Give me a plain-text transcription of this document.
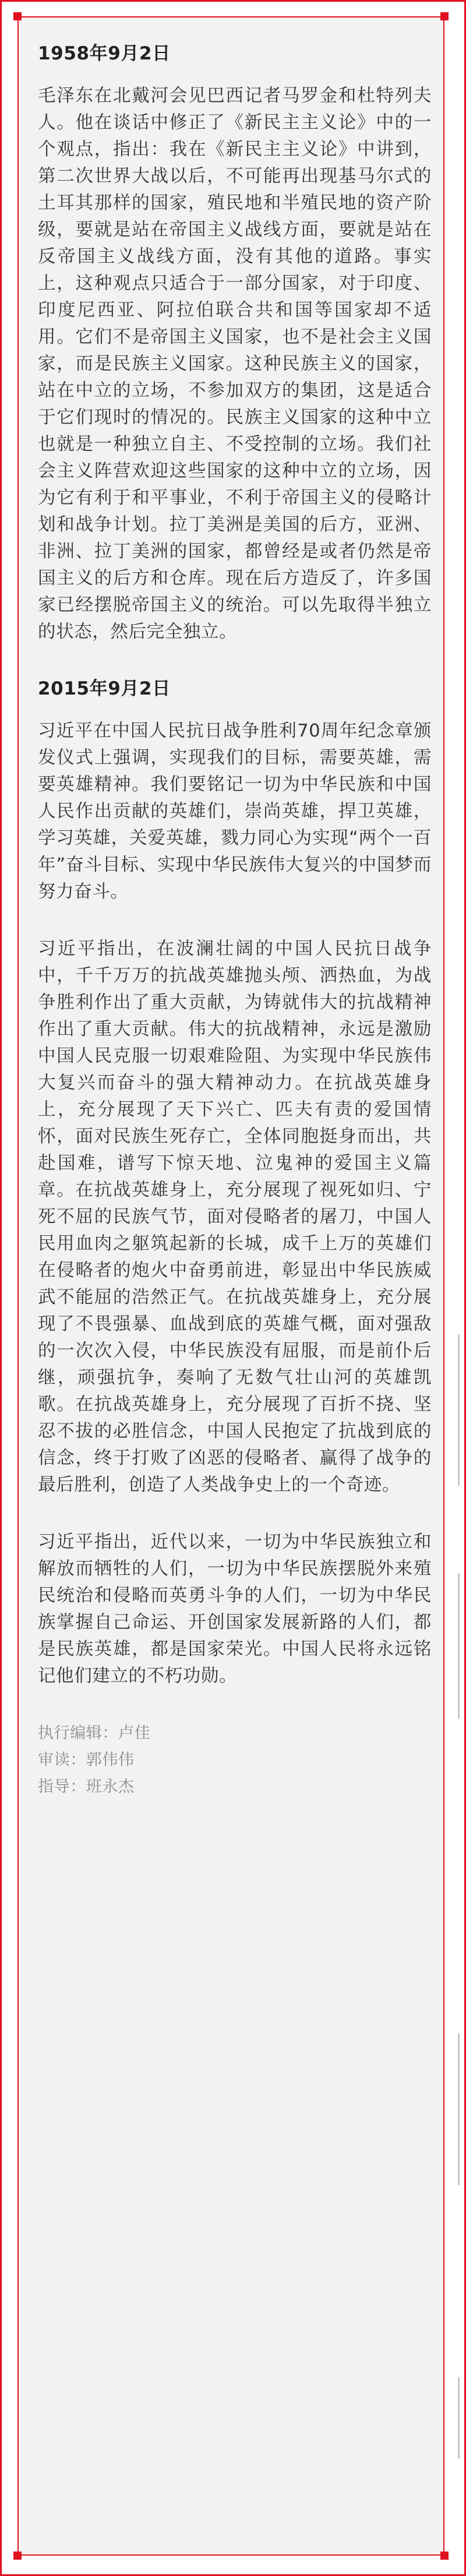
1958年9月2日
毛泽东在北戴河会见巴西记者马罗金和杜特列夫人。他在谈话中修正了《新民主主义论》中的一个观点，指出：我在《新民主主义论》中讲到，第二次世界大战以后，不可能再出现基马尔式的土耳其那样的国家，殖民地和半殖民地的资产阶级，要就是站在帝国主义战线方面，要就是站在反帝国主义战线方面，没有其他的道路。事实上，这种观点只适合于一部分国家，对于印度、印度尼西亚、阿拉伯联合共和国等国家却不适用。它们不是帝国主义国家，也不是社会主义国家，而是民族主义国家。这种民族主义的国家，站在中立的立场，不参加双方的集团，这是适合于它们现时的情况的。民族主义国家的这种中立也就是一种独立自主、不受控制的立场。我们社会主义阵营欢迎这些国家的这种中立的立场，因为它有利于和平事业，不利于帝国主义的侵略计划和战争计划。拉丁美洲是美国的后方，亚洲、非洲、拉丁美洲的国家，都曾经是或者仍然是帝国主义的后方和仓库。现在后方造反了，许多国家已经摆脱帝国主义的统治。可以先取得半独立的状态，然后完全独立。
2015年9月2日
习近平在中国人民抗日战争胜利70周年纪念章颁发仪式上强调，实现我们的目标，需要英雄，需要英雄精神。我们要铭记一切为中华民族和中国人民作出贡献的英雄们，崇尚英雄，捍卫英雄，学习英雄，关爱英雄，戮力同心为实现“两个一百年”奋斗目标、实现中华民族伟大复兴的中国梦而努力奋斗。
习近平指出，在波澜壮阔的中国人民抗日战争中，千千万万的抗战英雄抛头颅、洒热血，为战争胜利作出了重大贡献，为铸就伟大的抗战精神作出了重大贡献。伟大的抗战精神，永远是激励中国人民克服一切艰难险阻、为实现中华民族伟大复兴而奋斗的强大精神动力。在抗战英雄身上，充分展现了天下兴亡、匹夫有责的爱国情怀，面对民族生死存亡，全体同胞挺身而出，共赴国难，谱写下惊天地、泣鬼神的爱国主义篇章。在抗战英雄身上，充分展现了视死如归、宁死不屈的民族气节，面对侵略者的屠刀，中国人民用血肉之躯筑起新的长城，成千上万的英雄们在侵略者的炮火中奋勇前进，彰显出中华民族威武不能屈的浩然正气。在抗战英雄身上，充分展现了不畏强暴、血战到底的英雄气概，面对强敌的一次次入侵，中华民族没有屈服，而是前仆后继，顽强抗争，奏响了无数气壮山河的英雄凯歌。在抗战英雄身上，充分展现了百折不挠、坚忍不拔的必胜信念，中国人民抱定了抗战到底的信念，终于打败了凶恶的侵略者、赢得了战争的最后胜利，创造了人类战争史上的一个奇迹。
习近平指出，近代以来，一切为中华民族独立和解放而牺牲的人们，一切为中华民族摆脱外来殖民统治和侵略而英勇斗争的人们，一切为中华民族掌握自己命运、开创国家发展新路的人们，都是民族英雄，都是国家荣光。中国人民将永远铭记他们建立的不朽功勋。
执行编辑：卢佳
审读：郭伟伟
指导：班永杰
